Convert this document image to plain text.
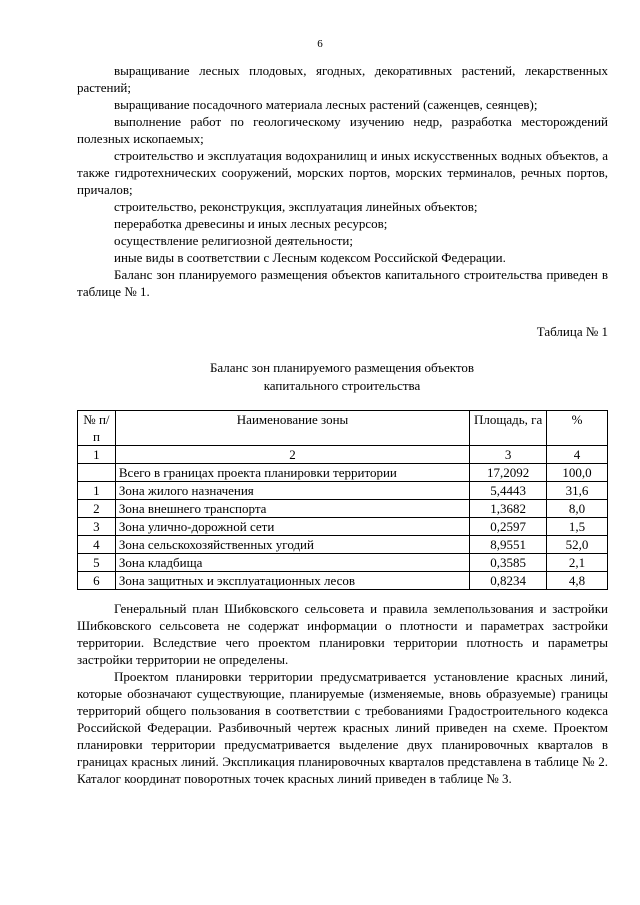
6

выращивание лесных плодовых, ягодных, декоративных растений, лекарственных растений;

выращивание посадочного материала лесных растений (саженцев, сеянцев);

выполнение работ по геологическому изучению недр, разработка месторождений полезных ископаемых;

строительство и эксплуатация водохранилищ и иных искусственных водных объектов, а также гидротехнических сооружений, морских портов, морских терминалов, речных портов, причалов;

строительство, реконструкция, эксплуатация линейных объектов;

переработка древесины и иных лесных ресурсов;

осуществление религиозной деятельности;

иные виды в соответствии с Лесным кодексом Российской Федерации.

Баланс зон планируемого размещения объектов капитального строительства приведен в таблице № 1.

Таблица № 1
Баланс зон планируемого размещения объектов
капитального строительства
№ п/п	Наименование зоны	Площадь, га	%
1	2	3	4
	Всего в границах проекта планировки территории	17,2092	100,0
1	Зона жилого назначения	5,4443	31,6
2	Зона внешнего транспорта	1,3682	8,0
3	Зона улично-дорожной сети	0,2597	1,5
4	Зона сельскохозяйственных угодий	8,9551	52,0
5	Зона кладбища	0,3585	2,1
6	Зона защитных и эксплуатационных лесов	0,8234	4,8

Генеральный план Шибковского сельсовета и правила землепользования и застройки Шибковского сельсовета не содержат информации о плотности и параметрах застройки территории. Вследствие чего проектом планировки территории плотность и параметры застройки территории не определены.

Проектом планировки территории предусматривается установление красных линий, которые обозначают существующие, планируемые (изменяемые, вновь образуемые) границы территорий общего пользования в соответствии с требованиями Градостроительного кодекса Российской Федерации. Разбивочный чертеж красных линий приведен на схеме. Проектом планировки территории предусматривается выделение двух планировочных кварталов в границах красных линий. Экспликация планировочных кварталов представлена в таблице № 2. Каталог координат поворотных точек красных линий приведен в таблице № 3.
